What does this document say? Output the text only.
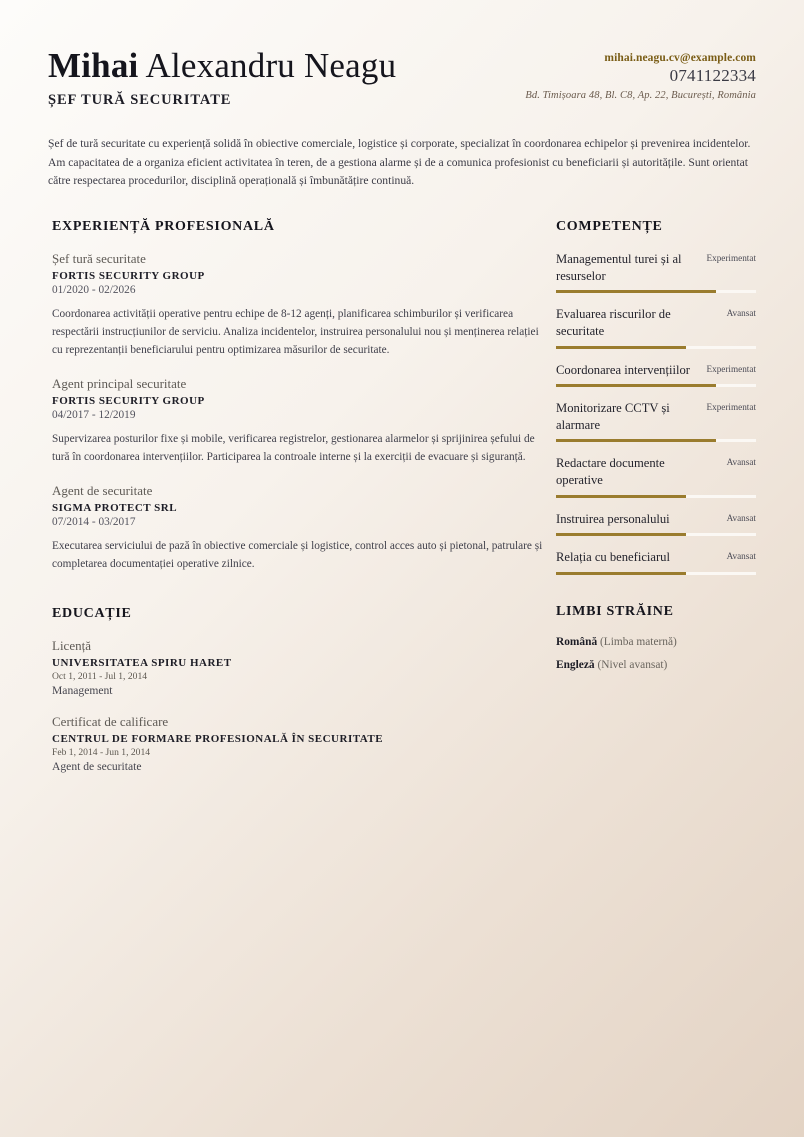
Mihai Alexandru Neagu
ȘEF TURĂ SECURITATE
mihai.neagu.cv@example.com
0741122334
Bd. Timișoara 48, Bl. C8, Ap. 22, București, România
Șef de tură securitate cu experiență solidă în obiective comerciale, logistice și corporate, specializat în coordonarea echipelor și prevenirea incidentelor. Am capacitatea de a organiza eficient activitatea în teren, de a gestiona alarme și de a comunica profesionist cu beneficiarii și autoritățile. Sunt orientat către respectarea procedurilor, disciplină operațională și îmbunătățire continuă.
EXPERIENȚĂ PROFESIONALĂ
Șef tură securitate
FORTIS SECURITY GROUP
01/2020 - 02/2026
Coordonarea activității operative pentru echipe de 8-12 agenți, planificarea schimburilor și verificarea respectării instrucțiunilor de serviciu. Analiza incidentelor, instruirea personalului nou și menținerea relației cu reprezentanții beneficiarului pentru optimizarea măsurilor de securitate.
Agent principal securitate
FORTIS SECURITY GROUP
04/2017 - 12/2019
Supervizarea posturilor fixe și mobile, verificarea registrelor, gestionarea alarmelor și sprijinirea șefului de tură în coordonarea intervențiilor. Participarea la controale interne și la exerciții de evacuare și siguranță.
Agent de securitate
SIGMA PROTECT SRL
07/2014 - 03/2017
Executarea serviciului de pază în obiective comerciale și logistice, control acces auto și pietonal, patrulare și completarea documentației operative zilnice.
EDUCAȚIE
Licență
UNIVERSITATEA SPIRU HARET
Oct 1, 2011 - Jul 1, 2014
Management
Certificat de calificare
CENTRUL DE FORMARE PROFESIONALĂ ÎN SECURITATE
Feb 1, 2014 - Jun 1, 2014
Agent de securitate
COMPETENȚE
Managementul turei și al resurselor
Experimentat
Evaluarea riscurilor de securitate
Avansat
Coordonarea intervențiilor Experimentat
Monitorizare CCTV și alarmare
Experimentat
Redactare documente operative
Avansat
Instruirea personalului	Avansat
Relația cu beneficiarul	Avansat
LIMBI STRĂINE
Română (Limba maternă)
Engleză (Nivel avansat)
